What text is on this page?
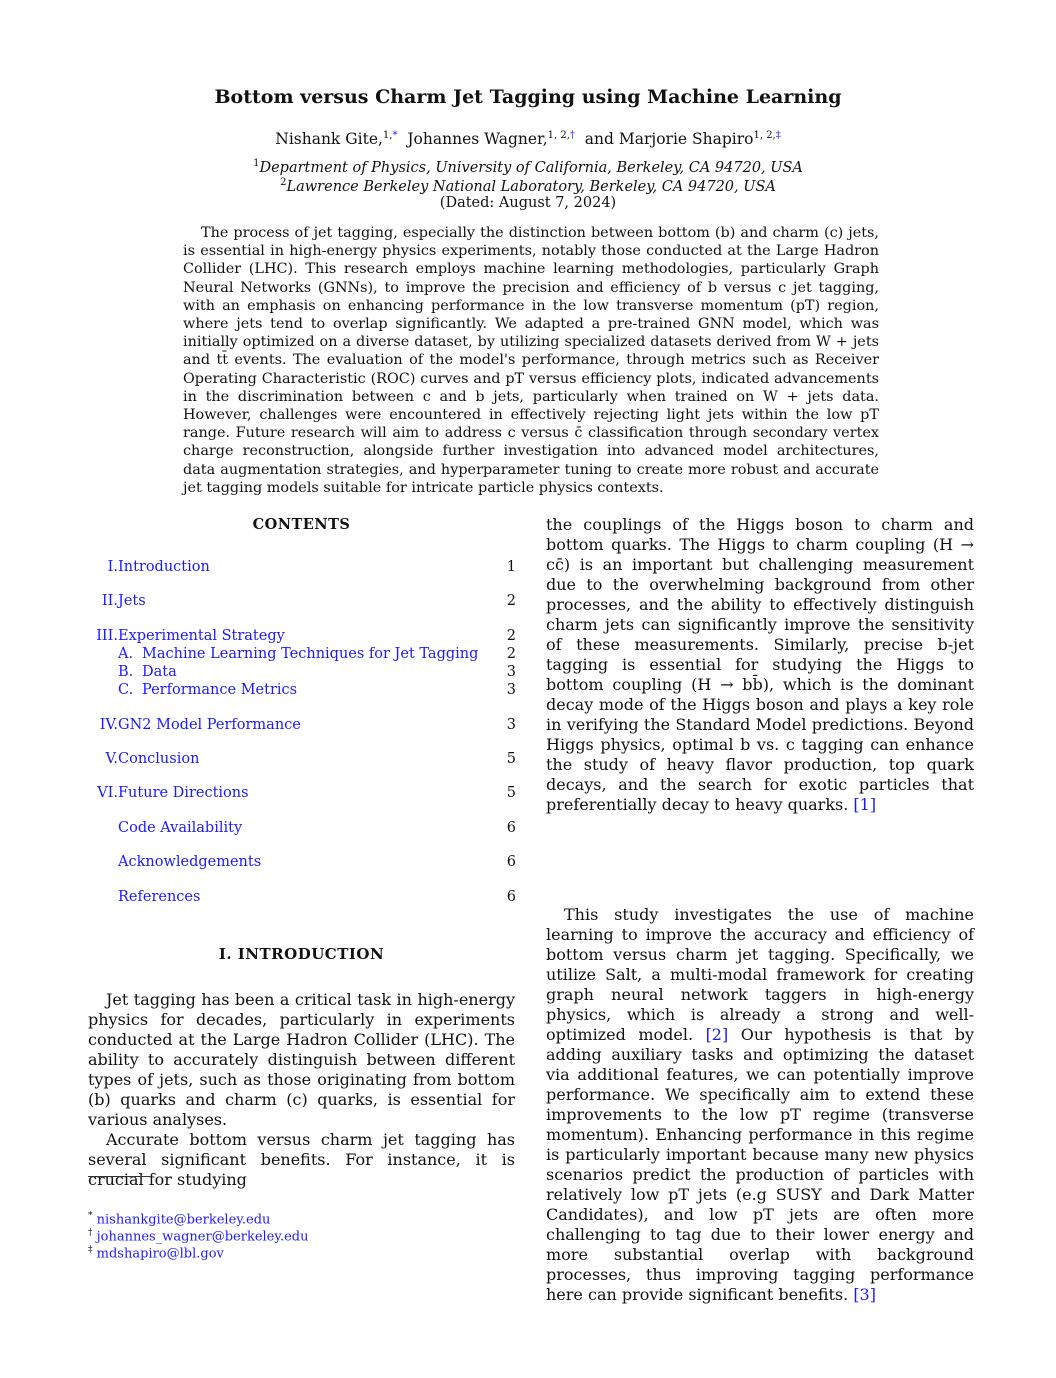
Bottom versus Charm Jet Tagging using Machine Learning
Nishank Gite,$^{1,*}$ Johannes Wagner,$^{1, 2,\dagger}$ and Marjorie Shapiro$^{1, 2,\ddagger}$
$^1$Department of Physics, University of California, Berkeley, CA 94720, USA
$^2$Lawrence Berkeley National Laboratory, Berkeley, CA 94720, USA
(Dated: August 7, 2024)
The process of jet tagging, especially the distinction between bottom (b) and charm (c) jets, is essential in high-energy physics experiments, notably those conducted at the Large Hadron Collider (LHC). This research employs machine learning methodologies, particularly Graph Neural Networks (GNNs), to improve the precision and efficiency of b versus c jet tagging, with an emphasis on enhancing performance in the low transverse momentum (pT) region, where jets tend to overlap significantly. We adapted a pre-trained GNN model, which was initially optimized on a diverse dataset, by utilizing specialized datasets derived from W + jets and tt̄ events. The evaluation of the model's performance, through metrics such as Receiver Operating Characteristic (ROC) curves and pT versus efficiency plots, indicated advancements in the discrimination between c and b jets, particularly when trained on W + jets data. However, challenges were encountered in effectively rejecting light jets within the low pT range. Future research will aim to address c versus c̄ classification through secondary vertex charge reconstruction, alongside further investigation into advanced model architectures, data augmentation strategies, and hyperparameter tuning to create more robust and accurate jet tagging models suitable for intricate particle physics contexts.
CONTENTS
I. Introduction	1
II. Jets	2
III. Experimental Strategy	2
A. Machine Learning Techniques for Jet Tagging 2
B. Data	3
C. Performance Metrics	3
IV. GN2 Model Performance	3
V. Conclusion	5
VI. Future Directions	5
Code Availability	6
Acknowledgements	6
References	6
I. INTRODUCTION

Jet tagging has been a critical task in high-energy physics for decades, particularly in experiments conducted at the Large Hadron Collider (LHC). The ability to accurately distinguish between different types of jets, such as those originating from bottom (b) quarks and charm (c) quarks, is essential for various analyses.

Accurate bottom versus charm jet tagging has several significant benefits. For instance, it is crucial for studying

* nishankgite@berkeley.edu
† johannes_wagner@berkeley.edu
‡ mdshapiro@lbl.gov

the couplings of the Higgs boson to charm and bottom quarks. The Higgs to charm coupling (H → cc̄) is an important but challenging measurement due to the overwhelming background from other processes, and the ability to effectively distinguish charm jets can significantly improve the sensitivity of these measurements. Similarly, precise b-jet tagging is essential for studying the Higgs to bottom coupling (H → bb̄), which is the dominant decay mode of the Higgs boson and plays a key role in verifying the Standard Model predictions. Beyond Higgs physics, optimal b vs. c tagging can enhance the study of heavy flavor production, top quark decays, and the search for exotic particles that preferentially decay to heavy quarks. [1]

This study investigates the use of machine learning to improve the accuracy and efficiency of bottom versus charm jet tagging. Specifically, we utilize Salt, a multi-modal framework for creating graph neural network taggers in high-energy physics, which is already a strong and well-optimized model. [2] Our hypothesis is that by adding auxiliary tasks and optimizing the dataset via additional features, we can potentially improve performance. We specifically aim to extend these improvements to the low pT regime (transverse momentum). Enhancing performance in this regime is particularly important because many new physics scenarios predict the production of particles with relatively low pT jets (e.g SUSY and Dark Matter Candidates), and low pT jets are often more challenging to tag due to their lower energy and more substantial overlap with background processes, thus improving tagging performance here can provide significant benefits. [3]
